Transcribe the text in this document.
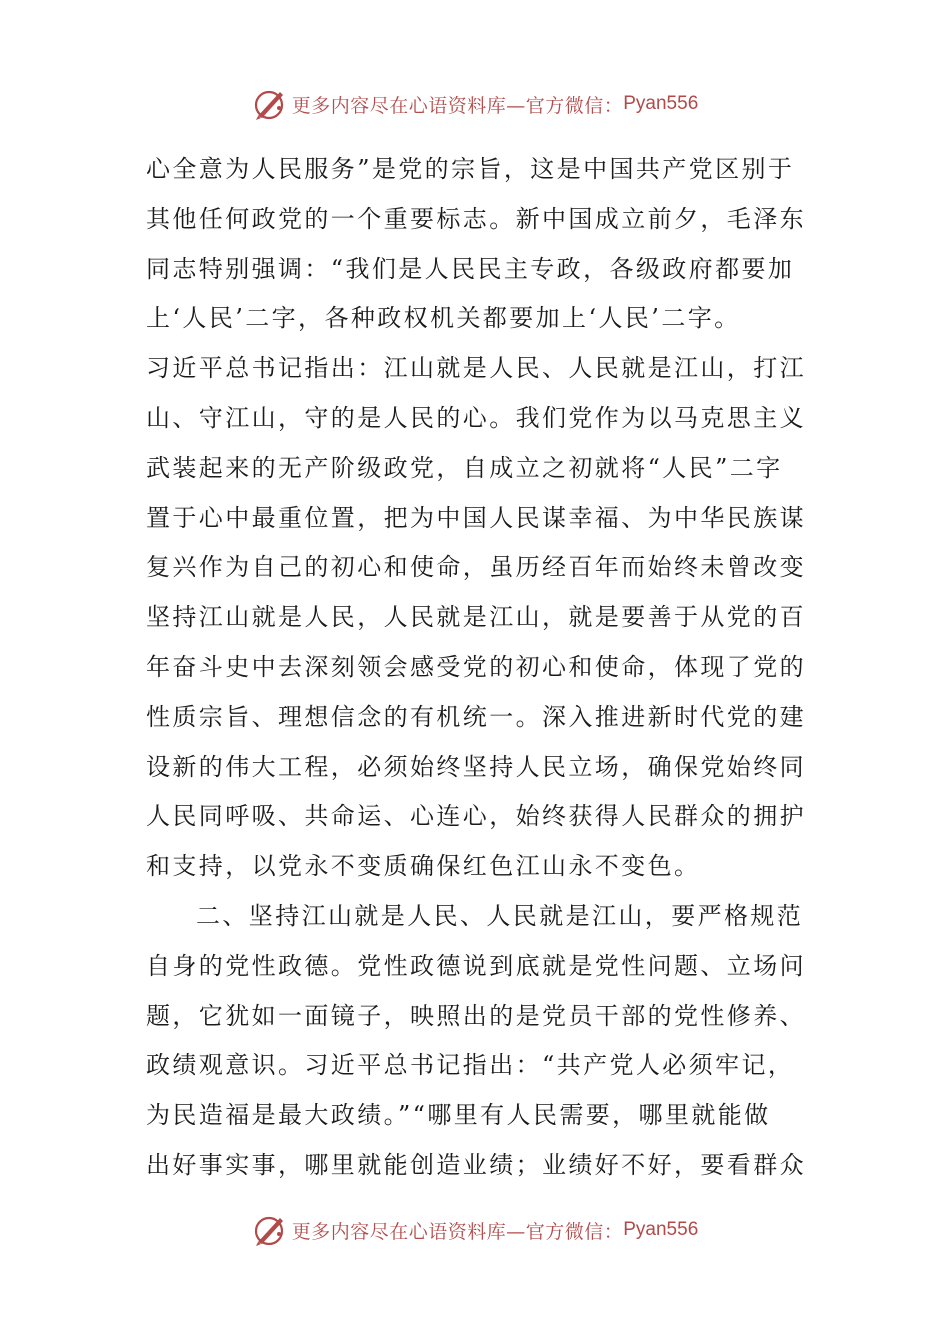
更多内容尽在心语资料库—官方微信： Pyan556
心全意为人民服务”是党的宗旨，这是中国共产党区别于
其他任何政党的一个重要标志。新中国成立前夕，毛泽东
同志特别强调：“我们是人民民主专政，各级政府都要加
上‘人民’二字，各种政权机关都要加上‘人民’二字。
习近平总书记指出：江山就是人民、人民就是江山，打江
山、守江山，守的是人民的心。我们党作为以马克思主义
武装起来的无产阶级政党，自成立之初就将“人民”二字
置于心中最重位置，把为中国人民谋幸福、为中华民族谋
复兴作为自己的初心和使命，虽历经百年而始终未曾改变
坚持江山就是人民，人民就是江山，就是要善于从党的百
年奋斗史中去深刻领会感受党的初心和使命，体现了党的
性质宗旨、理想信念的有机统一。深入推进新时代党的建
设新的伟大工程，必须始终坚持人民立场，确保党始终同
人民同呼吸、共命运、心连心，始终获得人民群众的拥护
和支持，以党永不变质确保红色江山永不变色。
二、坚持江山就是人民、人民就是江山，要严格规范
自身的党性政德。党性政德说到底就是党性问题、立场问
题，它犹如一面镜子，映照出的是党员干部的党性修养、
政绩观意识。习近平总书记指出：“共产党人必须牢记，
为民造福是最大政绩。”“哪里有人民需要，哪里就能做
出好事实事，哪里就能创造业绩；业绩好不好，要看群众
更多内容尽在心语资料库—官方微信： Pyan556
